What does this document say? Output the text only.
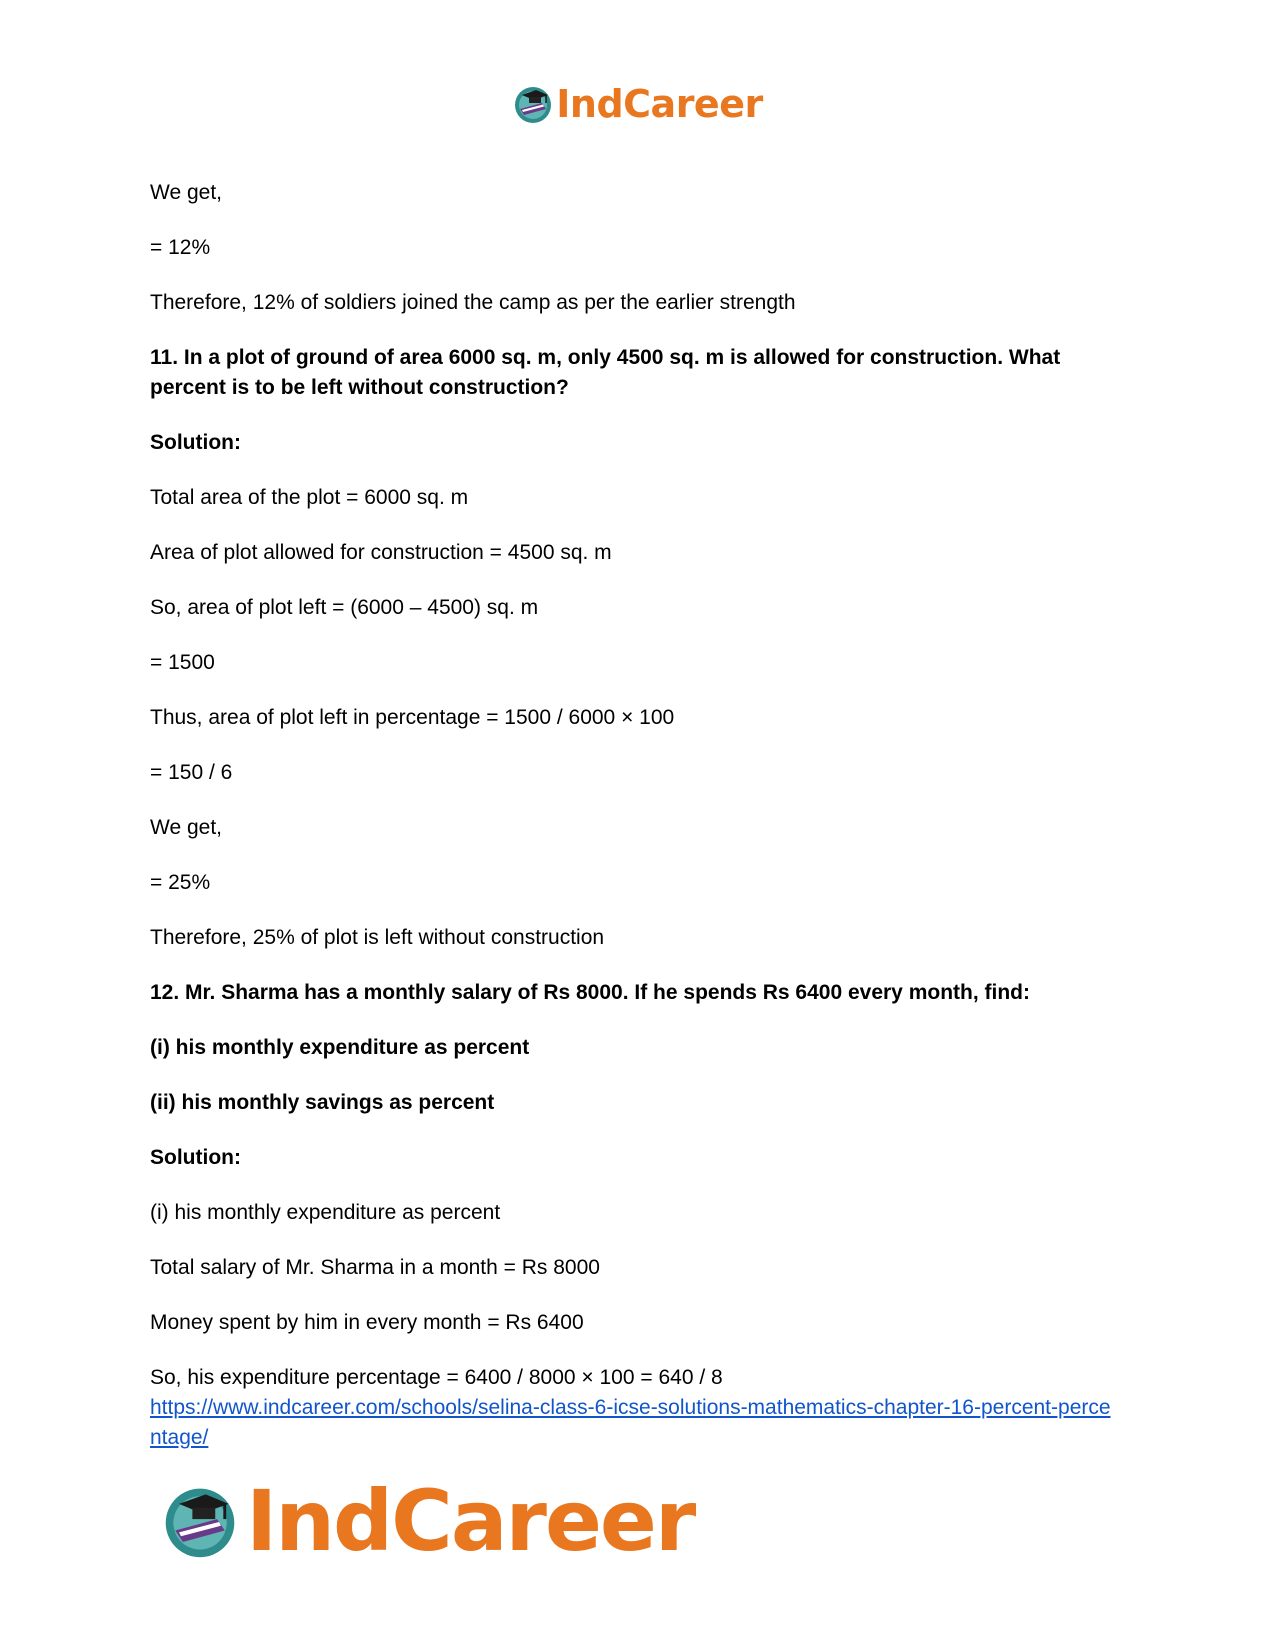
IndCareer

We get,

= 12%

Therefore, 12% of soldiers joined the camp as per the earlier strength

11. In a plot of ground of area 6000 sq. m, only 4500 sq. m is allowed for construction. What percent is to be left without construction?

Solution:

Total area of the plot = 6000 sq. m

Area of plot allowed for construction = 4500 sq. m

So, area of plot left = (6000 – 4500) sq. m

= 1500

Thus, area of plot left in percentage = 1500 / 6000 × 100

= 150 / 6

We get,

= 25%

Therefore, 25% of plot is left without construction

12. Mr. Sharma has a monthly salary of Rs 8000. If he spends Rs 6400 every month, find:

(i) his monthly expenditure as percent

(ii) his monthly savings as percent

Solution:

(i) his monthly expenditure as percent

Total salary of Mr. Sharma in a month = Rs 8000

Money spent by him in every month = Rs 6400

So, his expenditure percentage = 6400 / 8000 × 100 = 640 / 8

https://www.indcareer.com/schools/selina-class-6-icse-solutions-mathematics-chapter-16-percent-percentage/
IndCareer
